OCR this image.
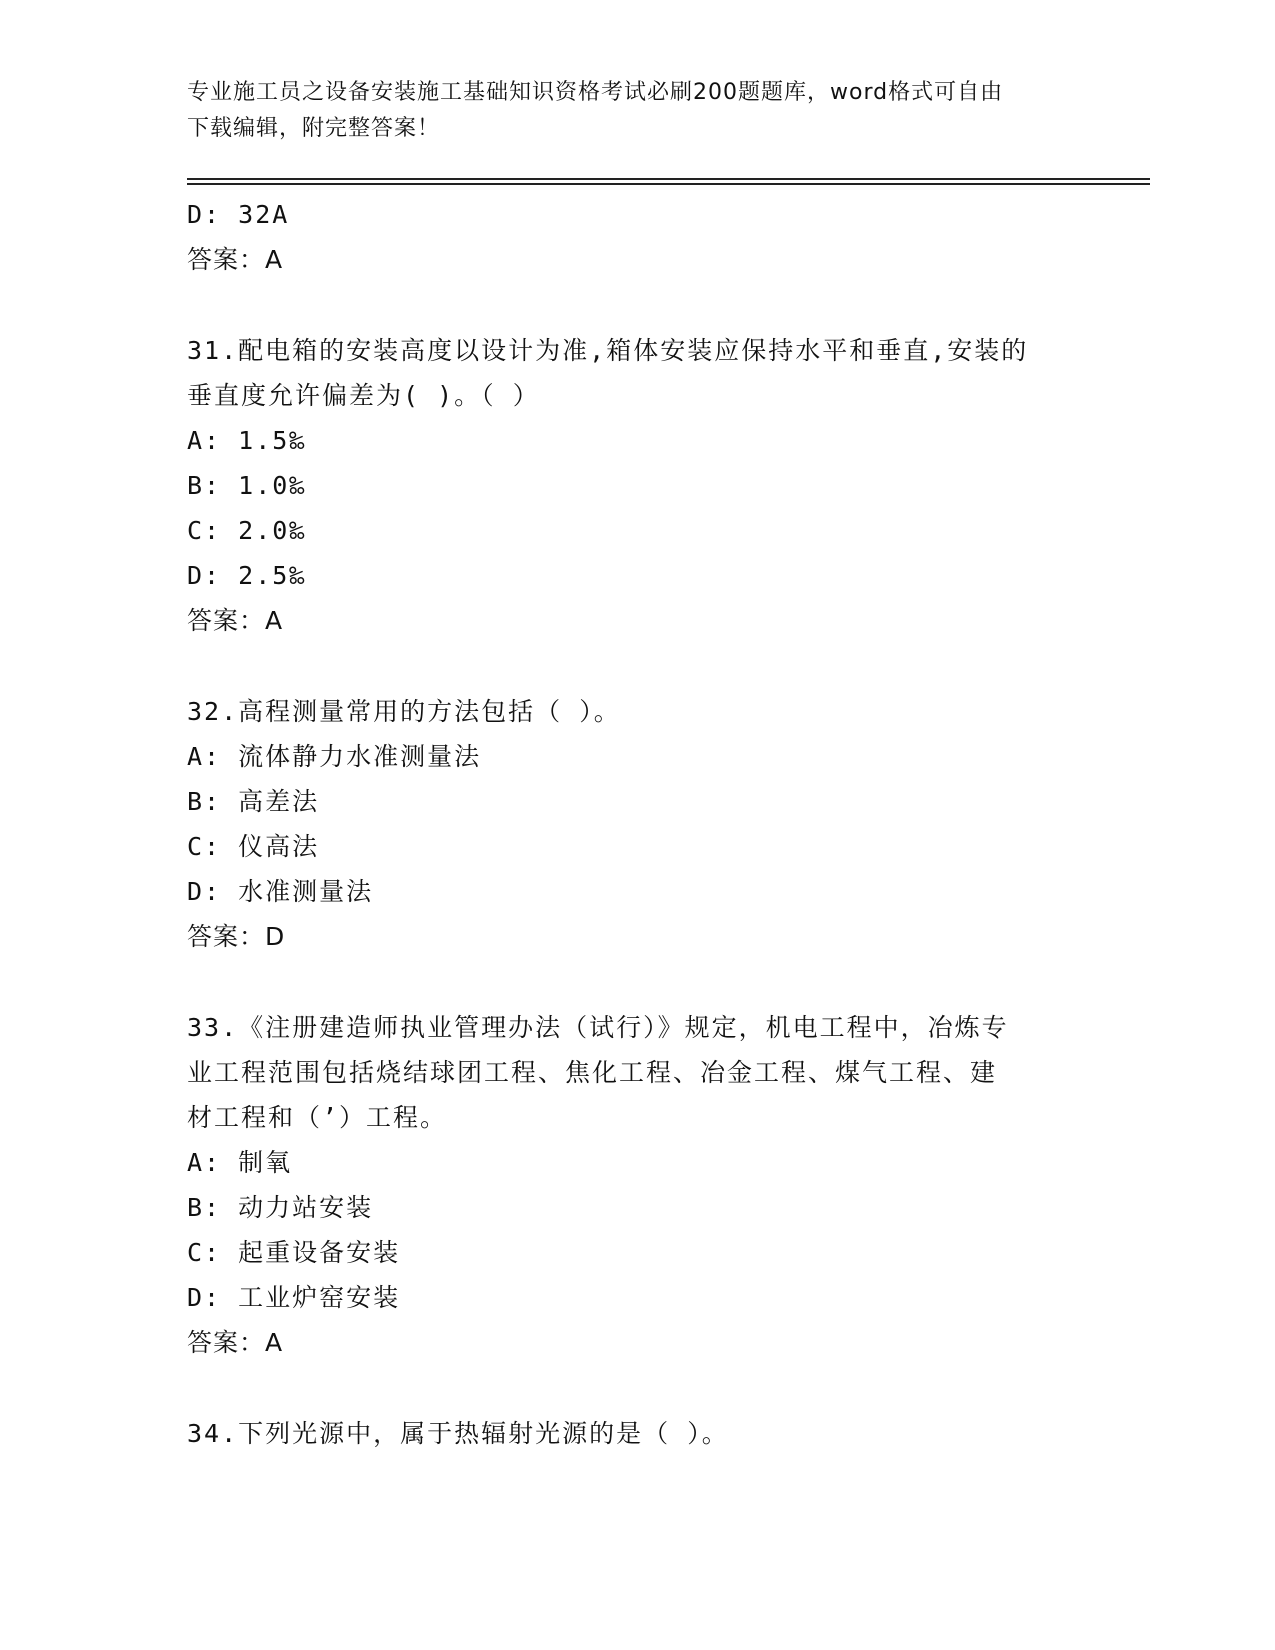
专业施工员之设备安装施工基础知识资格考试必刷200题题库，word格式可自由
下载编辑，附完整答案！
D: 32A
答案：A
31.配电箱的安装高度以设计为准,箱体安装应保持水平和垂直,安装的
垂直度允许偏差为( )。（ ）
A: 1.5‰
B: 1.0‰
C: 2.0‰
D: 2.5‰
答案：A
32.高程测量常用的方法包括（ ）。
A: 流体静力水准测量法
B: 高差法
C: 仪高法
D: 水准测量法
答案：D
33.《注册建造师执业管理办法（试行）》规定，机电工程中，冶炼专
业工程范围包括烧结球团工程、焦化工程、冶金工程、煤气工程、建
材工程和（’）工程。
A: 制氧
B: 动力站安装
C: 起重设备安装
D: 工业炉窑安装
答案：A
34.下列光源中，属于热辐射光源的是（ ）。
